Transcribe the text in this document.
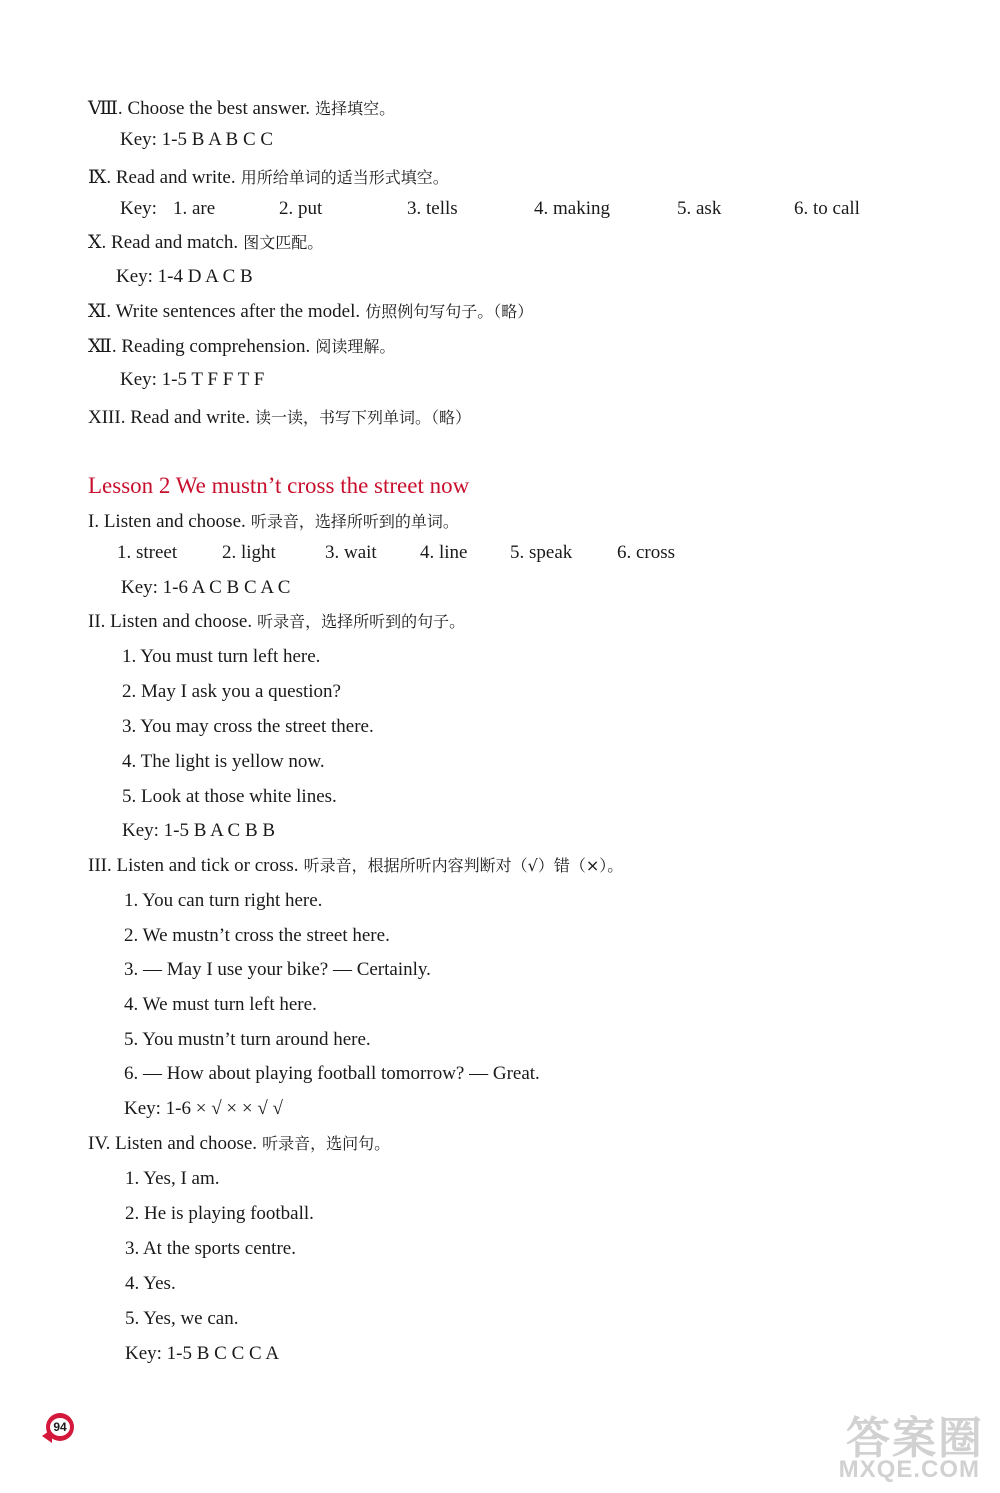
Ⅷ. Choose the best answer. 选择填空。
Key: 1-5 B A B C C
Ⅸ. Read and write. 用所给单词的适当形式填空。
Key: 1. are	2. put	3. tells	4. making	5. ask	6. to call
Ⅹ. Read and match. 图文匹配。
Key: 1-4 D A C B
Ⅺ. Write sentences after the model. 仿照例句写句子。（略）
Ⅻ. Reading comprehension. 阅读理解。
Key: 1-5 T F F T F
XIII. Read and write. 读一读，书写下列单词。（略）
Lesson 2 We mustn’t cross the street now
I. Listen and choose. 听录音，选择所听到的单词。
1. street 2. light	3. wait 4. line 5. speak 6. cross
Key: 1-6 A C B C A C
II. Listen and choose. 听录音，选择所听到的句子。
1. You must turn left here.
2. May I ask you a question?
3. You may cross the street there.
4. The light is yellow now.
5. Look at those white lines.
Key: 1-5 B A C B B
III. Listen and tick or cross. 听录音，根据所听内容判断对（√）错（×）。
1. You can turn right here.
2. We mustn’t cross the street here.
3. — May I use your bike? — Certainly.
4. We must turn left here.
5. You mustn’t turn around here.
6. — How about playing football tomorrow? — Great.
Key: 1-6 × √ × × √ √
IV. Listen and choose. 听录音，选问句。
1. Yes, I am.
2. He is playing football.
3. At the sports centre.
4. Yes.
5. Yes, we can.
Key: 1-5 B C C C A
94	答案圈
MXQE.COM
